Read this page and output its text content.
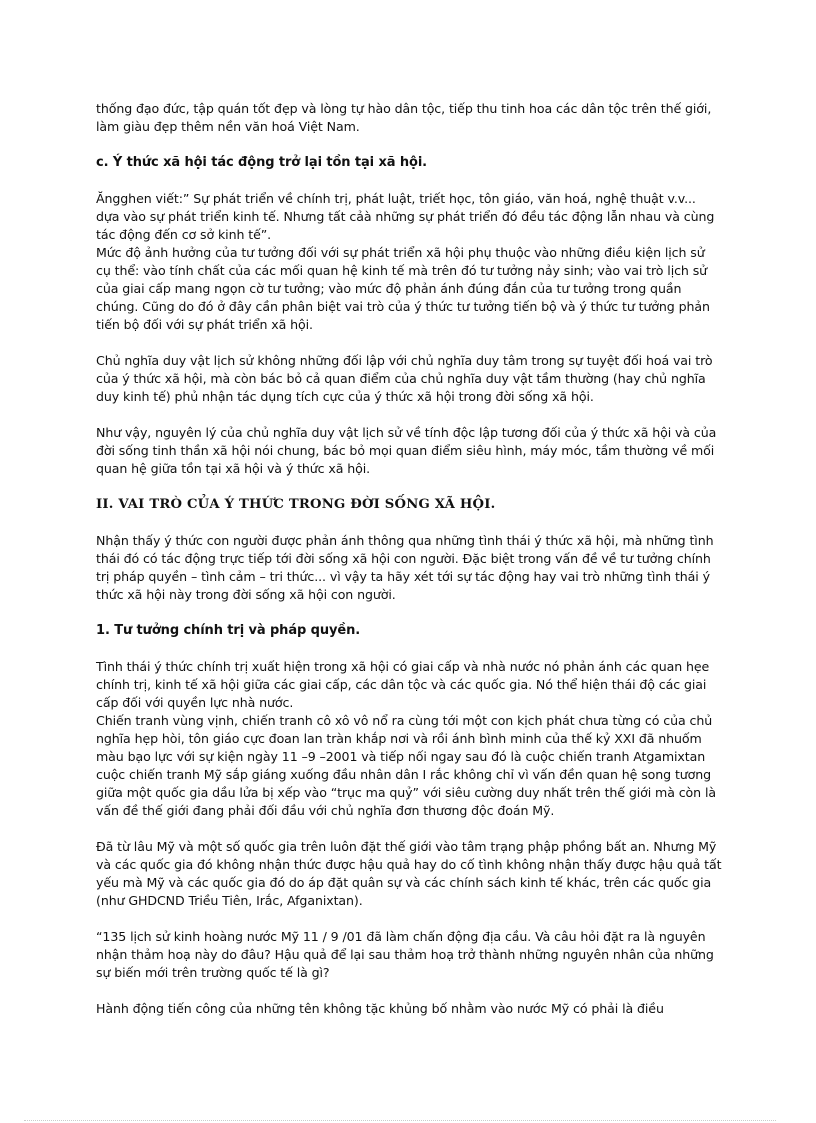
thống đạo đức, tập quán tốt đẹp và lòng tự hào dân tộc, tiếp thu tinh hoa các dân tộc trên thế giới, làm giàu đẹp thêm nền văn hoá Việt Nam.

c. Ý thức xã hội tác động trở lại tồn tại xã hội.

Ăngghen viết:” Sự phát triển về chính trị, phát luật, triết học, tôn giáo, văn hoá, nghệ thuật v.v... dựa vào sự phát triển kinh tế. Nhưng tất cảà những sự phát triển đó đều tác động lẫn nhau và cùng tác động đến cơ sở kinh tế”.

Mức độ ảnh hưởng của tư tưởng đối với sự phát triển xã hội phụ thuộc vào những điều kiện lịch sử cụ thể: vào tính chất của các mối quan hệ kinh tế mà trên đó tư tưởng nảy sinh; vào vai trò lịch sử của giai cấp mang ngọn cờ tư tưởng; vào mức độ phản ánh đúng đắn của tư tưởng trong quần chúng. Cũng do đó ở đây cần phân biệt vai trò của ý thức tư tưởng tiến bộ và ý thức tư tưởng phản tiến bộ đối với sự phát triển xã hội.

Chủ nghĩa duy vật lịch sử không những đối lập với chủ nghĩa duy tâm trong sự tuyệt đối hoá vai trò của ý thức xã hội, mà còn bác bỏ cả quan điểm của chủ nghĩa duy vật tầm thường (hay chủ nghĩa duy kinh tế) phủ nhận tác dụng tích cực của ý thức xã hội trong đời sống xã hội.

Như vậy, nguyên lý của chủ nghĩa duy vật lịch sử về tính độc lập tương đối của ý thức xã hội và của đời sống tinh thần xã hội nói chung, bác bỏ mọi quan điểm siêu hình, máy móc, tầm thường về mối quan hệ giữa tồn tại xã hội và ý thức xã hội.

II. VAI TRÒ CỦA Ý THỨC TRONG ĐỜI SỐNG XÃ HỘI.

Nhận thấy ý thức con người được phản ánh thông qua những tình thái ý thức xã hội, mà những tình thái đó có tác động trực tiếp tới đời sống xã hội con người. Đặc biệt trong vấn đề về tư tưởng chính trị pháp quyền – tình cảm – tri thức... vì vậy ta hãy xét tới sự tác động hay vai trò những tình thái ý thức xã hội này trong đời sống xã hội con người.

1. Tư tưởng chính trị và pháp quyền.

Tình thái ý thức chính trị xuất hiện trong xã hội có giai cấp và nhà nước nó phản ánh các quan hẹe chính trị, kinh tế xã hội giữa các giai cấp, các dân tộc và các quốc gia. Nó thể hiện thái độ các giai cấp đối với quyền lực nhà nước.

Chiến tranh vùng vịnh, chiến tranh cô xô vô nổ ra cùng tới một con kịch phát chưa từng có của chủ nghĩa hẹp hòi, tôn giáo cực đoan lan tràn khắp nơi và rồi ánh bình minh của thế kỷ XXI đã nhuốm màu bạo lực với sự kiện ngày 11 –9 –2001 và tiếp nối ngay sau đó là cuộc chiến tranh Atgamixtan cuộc chiến tranh Mỹ sắp giáng xuống đầu nhân dân I rắc không chỉ vì vấn đền quan hệ song tương giữa một quốc gia dầu lửa bị xếp vào “trục ma quỷ” với siêu cường duy nhất trên thế giới mà còn là vấn đề thế giới đang phải đối đầu với chủ nghĩa đơn thương độc đoán Mỹ.

Đã từ lâu Mỹ và một số quốc gia trên luôn đặt thế giới vào tâm trạng phập phồng bất an. Nhưng Mỹ và các quốc gia đó không nhận thức được hậu quả hay do cố tình không nhận thấy được hậu quả tất yếu mà Mỹ và các quốc gia đó do áp đặt quân sự và các chính sách kinh tế khác, trên các quốc gia (như GHDCND Triều Tiên, Irắc, Afganixtan).

“135 lịch sử kinh hoàng nước Mỹ 11 / 9 /01 đã làm chấn động địa cầu. Và câu hỏi đặt ra là nguyên nhận thảm hoạ này do đâu? Hậu quả để lại sau thảm hoạ trở thành những nguyên nhân của những sự biến mới trên trường quốc tế là gì?

Hành động tiến công của những tên không tặc khủng bố nhằm vào nước Mỹ có phải là điều
